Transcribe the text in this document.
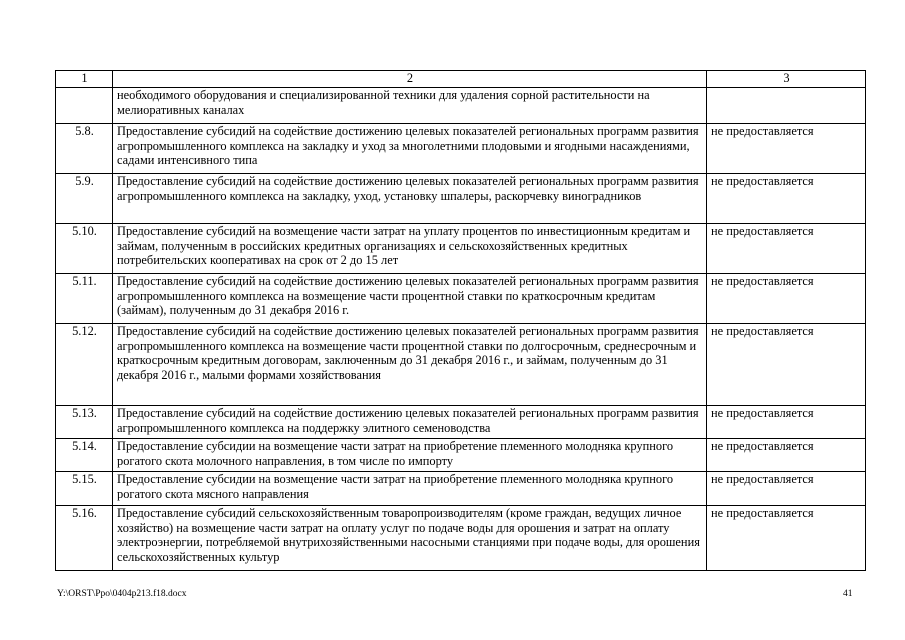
1	2	3
	необходимого оборудования и специализированной техники для удаления сорной растительности на мелиоративных каналах	
5.8.	Предоставление субсидий на содействие достижению целевых показателей региональных программ развития агропромышленного комплекса на закладку и уход за многолетними плодовыми и ягодными насаждениями, садами интенсивного типа	не предоставляется
5.9.	Предоставление субсидий на содействие достижению целевых показателей региональных программ развития агропромышленного комплекса на закладку, уход, установку шпалеры, раскорчевку виноградников	не предоставляется
5.10.	Предоставление субсидий на возмещение части затрат на уплату процентов по инвестиционным кредитам и займам, полученным в российских кредитных организациях и сельскохозяйственных кредитных потребительских кооперативах на срок от 2 до 15 лет	не предоставляется
5.11.	Предоставление субсидий на содействие достижению целевых показателей региональных программ развития агропромышленного комплекса на возмещение части процентной ставки по краткосрочным кредитам (займам), полученным до 31 декабря 2016 г.	не предоставляется
5.12.	Предоставление субсидий на содействие достижению целевых показателей региональных программ развития агропромышленного комплекса на возмещение части процентной ставки по долгосрочным, среднесрочным и краткосрочным кредитным договорам, заключенным до 31 декабря 2016 г., и займам, полученным до 31 декабря 2016 г., малыми формами хозяйствования	не предоставляется
5.13.	Предоставление субсидий на содействие достижению целевых показателей региональных программ развития агропромышленного комплекса на поддержку элитного семеноводства	не предоставляется
5.14.	Предоставление субсидии на возмещение части затрат на приобретение племенного молодняка крупного рогатого скота молочного направления, в том числе по импорту	не предоставляется
5.15.	Предоставление субсидии на возмещение части затрат на приобретение племенного молодняка крупного рогатого скота мясного направления	не предоставляется
5.16.	Предоставление субсидий сельскохозяйственным товаропроизводителям (кроме граждан, ведущих личное хозяйство) на возмещение части затрат на оплату услуг по подаче воды для орошения и затрат на оплату электроэнергии, потребляемой внутрихозяйственными насосными станциями при подаче воды, для орошения сельскохозяйственных культур	не предоставляется
Y:\ORST\Ppo\0404p213.f18.docx	41
